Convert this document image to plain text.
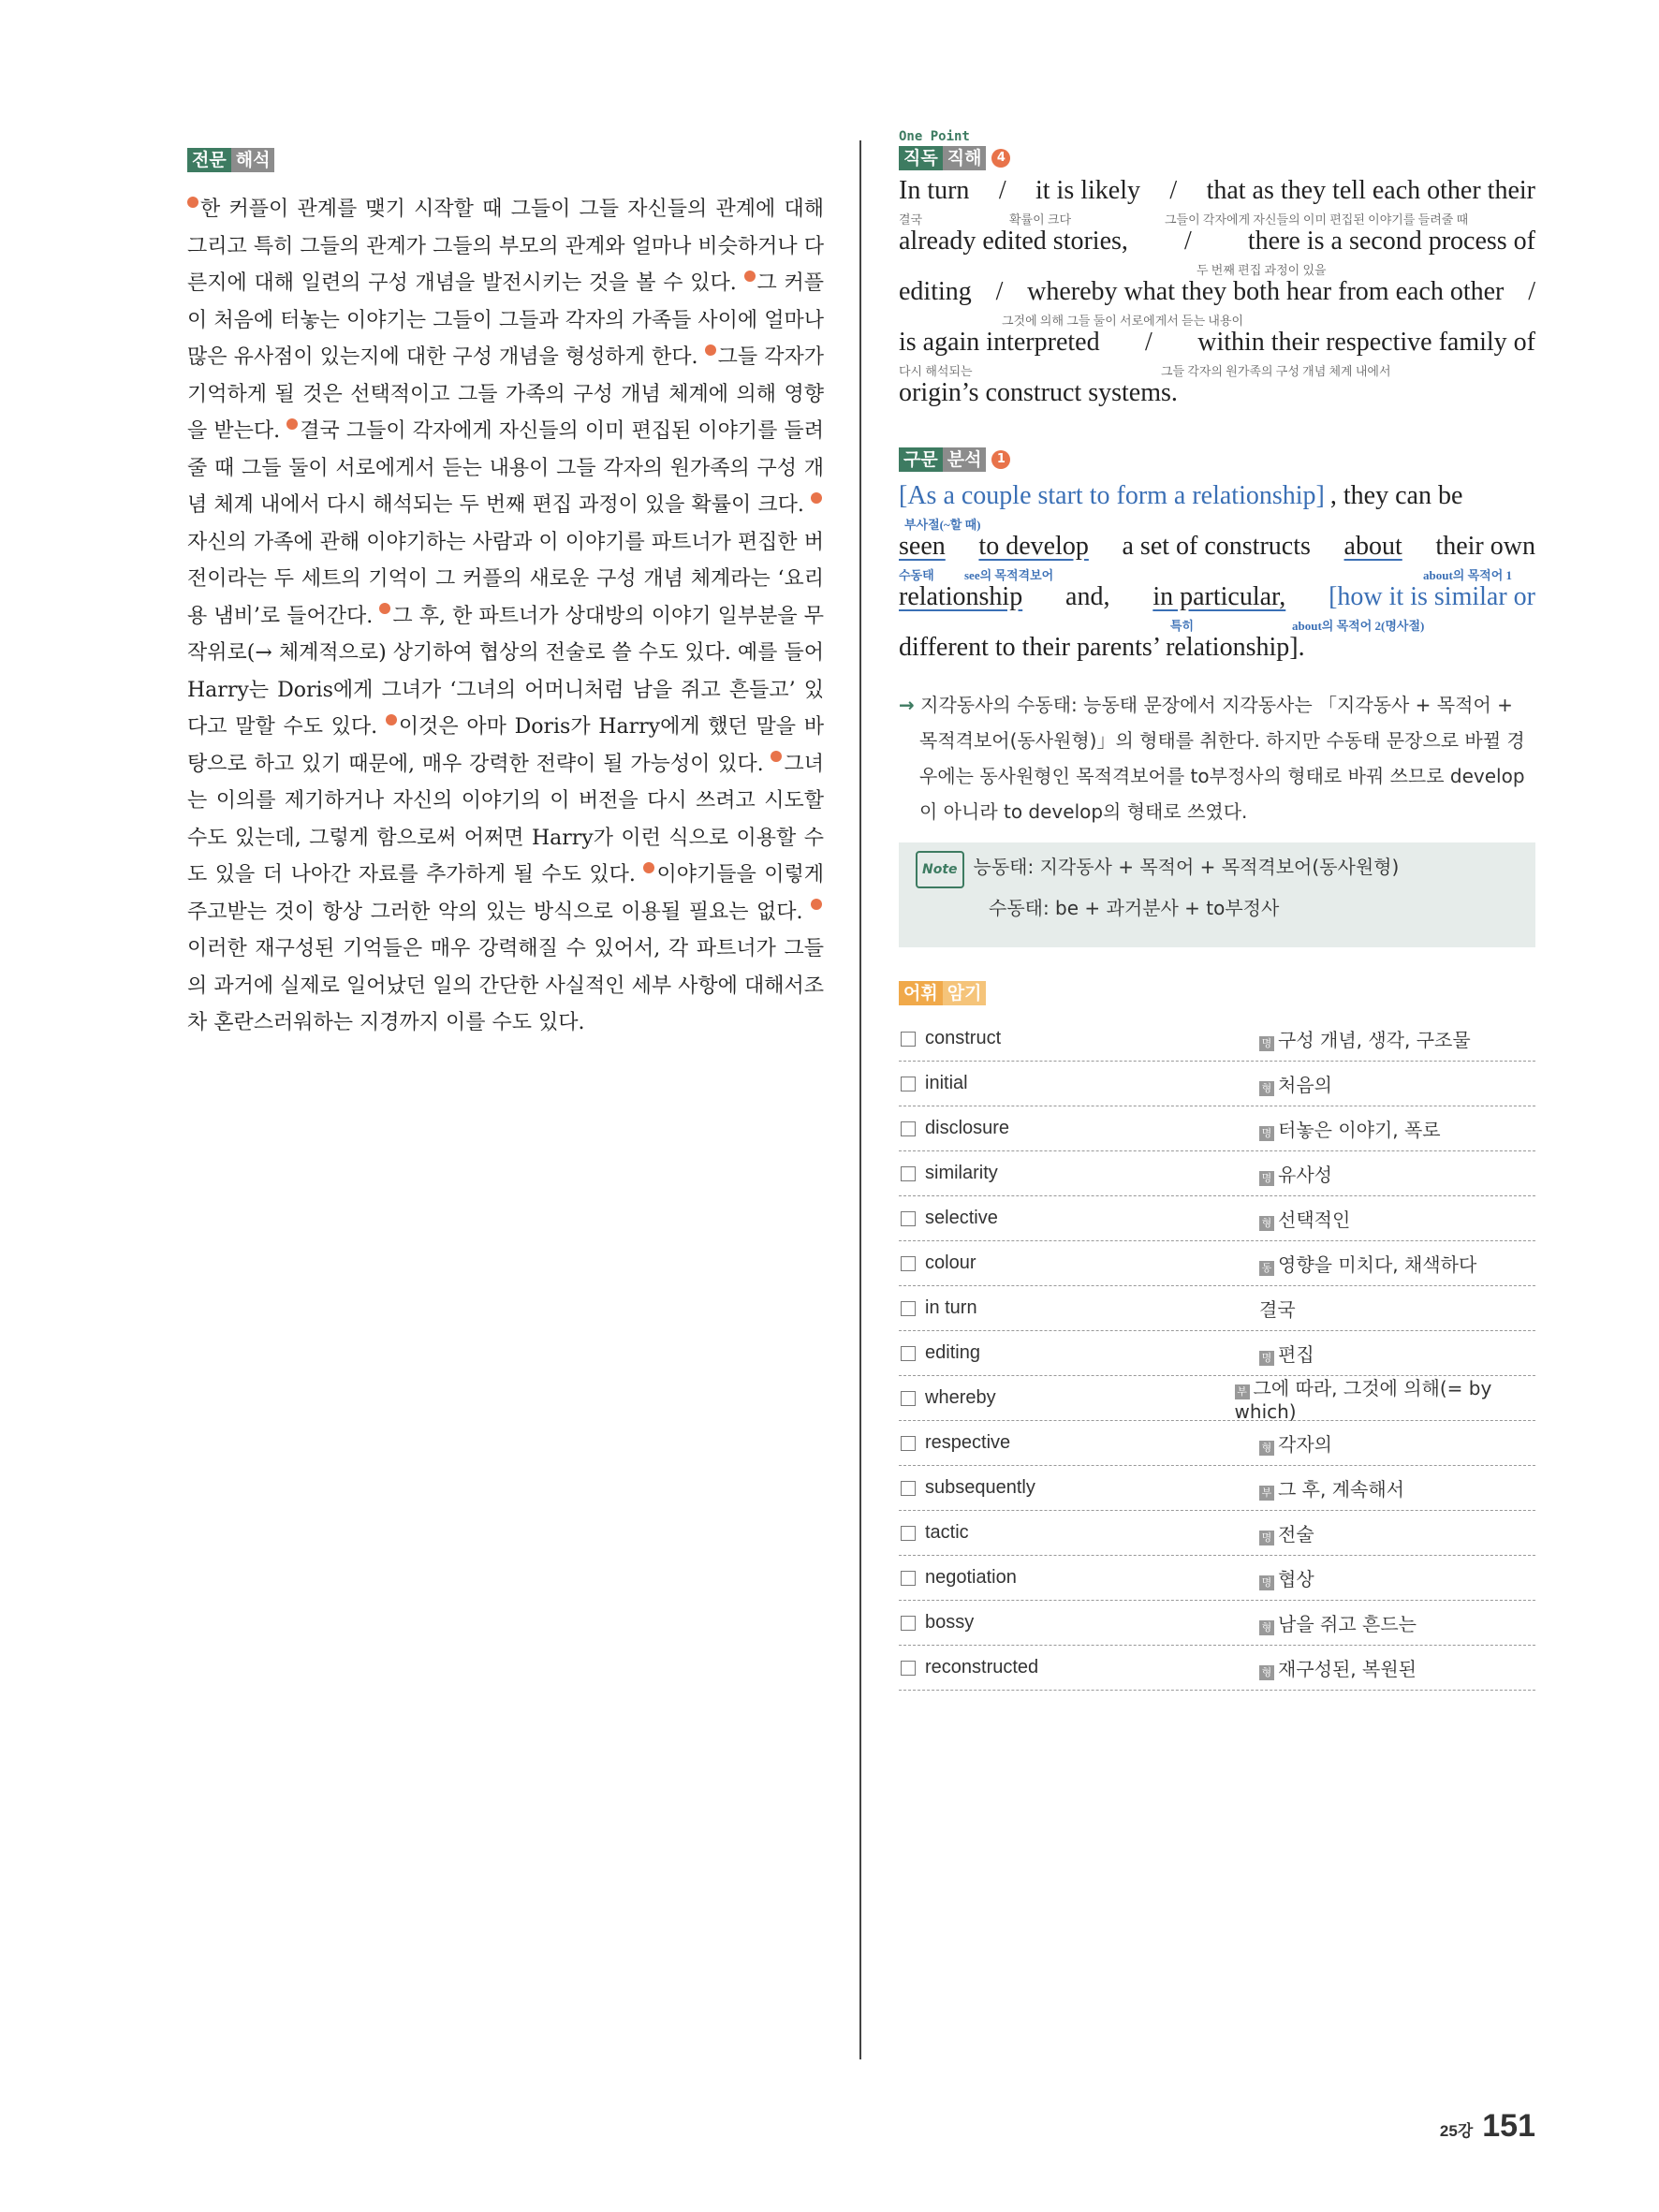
전문 해석
한 커플이 관계를 맺기 시작할 때 그들이 그들 자신들의 관계에 대해 그리고 특히 그들의 관계가 그들의 부모의 관계와 얼마나 비슷하거나 다른지에 대해 일련의 구성 개념을 발전시키는 것을 볼 수 있다. 그 커플이 처음에 터놓는 이야기는 그들이 그들과 각자의 가족들 사이에 얼마나 많은 유사점이 있는지에 대한 구성 개념을 형성하게 한다. 그들 각자가 기억하게 될 것은 선택적이고 그들 가족의 구성 개념 체계에 의해 영향을 받는다. 결국 그들이 각자에게 자신들의 이미 편집된 이야기를 들려줄 때 그들 둘이 서로에게서 듣는 내용이 그들 각자의 원가족의 구성 개념 체계 내에서 다시 해석되는 두 번째 편집 과정이 있을 확률이 크다. 자신의 가족에 관해 이야기하는 사람과 이 이야기를 파트너가 편집한 버전이라는 두 세트의 기억이 그 커플의 새로운 구성 개념 체계라는 ‘요리용 냄비’로 들어간다. 그 후, 한 파트너가 상대방의 이야기 일부분을 무작위로(→ 체계적으로) 상기하여 협상의 전술로 쓸 수도 있다. 예를 들어 Harry는 Doris에게 그녀가 ‘그녀의 어머니처럼 남을 쥐고 흔들고’ 있다고 말할 수도 있다. 이것은 아마 Doris가 Harry에게 했던 말을 바탕으로 하고 있기 때문에, 매우 강력한 전략이 될 가능성이 있다. 그녀는 이의를 제기하거나 자신의 이야기의 이 버전을 다시 쓰려고 시도할 수도 있는데, 그렇게 함으로써 어쩌면 Harry가 이런 식으로 이용할 수도 있을 더 나아간 자료를 추가하게 될 수도 있다. 이야기들을 이렇게 주고받는 것이 항상 그러한 악의 있는 방식으로 이용될 필요는 없다. 이러한 재구성된 기억들은 매우 강력해질 수 있어서, 각 파트너가 그들의 과거에 실제로 일어났던 일의 간단한 사실적인 세부 사항에 대해서조차 혼란스러워하는 지경까지 이를 수도 있다.
One Point
직독 직해	4
In turn / it is likely / that as they tell each other their
결국	확률이 크다	그들이 각자에게 자신들의 이미 편집된 이야기를 들려줄 때
already edited stories, / there is a second process of
두 번째 편집 과정이 있을
editing / whereby what they both hear from each other /
그것에 의해 그들 둘이 서로에게서 듣는 내용이
is again interpreted / within their respective family of
다시 해석되는	그들 각자의 원가족의 구성 개념 체계 내에서
origin’s construct systems.
구문 분석	1
[As a couple start to form a relationship] , they can be
부사절(~할 때)
seen to develop a set of constructs about their own
수동태 see의 목적격보어	about의 목적어 1
relationship and, in particular, [how it is similar or
특히	about의 목적어 2(명사절)
different to their parents’ relationship].
→ 지각동사의 수동태: 능동태 문장에서 지각동사는 「지각동사 + 목적어 + 목적격보어(동사원형)」의 형태를 취한다. 하지만 수동태 문장으로 바뀔 경우에는 동사원형인 목적격보어를 to부정사의 형태로 바꿔 쓰므로 develop이 아니라 to develop의 형태로 쓰였다.
Note 능동태: 지각동사 + 목적어 + 목적격보어(동사원형)
수동태: be + 과거분사 + to부정사
어휘 암기
construct	명 구성 개념, 생각, 구조물
initial	형 처음의
disclosure	명 터놓은 이야기, 폭로
similarity	명 유사성
selective	형 선택적인
colour	동 영향을 미치다, 채색하다
in turn	결국
editing	명 편집
whereby	부 그에 따라, 그것에 의해(= by which)
respective	형 각자의
subsequently	부 그 후, 계속해서
tactic	명 전술
negotiation	명 협상
bossy	형 남을 쥐고 흔드는
reconstructed	형 재구성된, 복원된
25강 151
